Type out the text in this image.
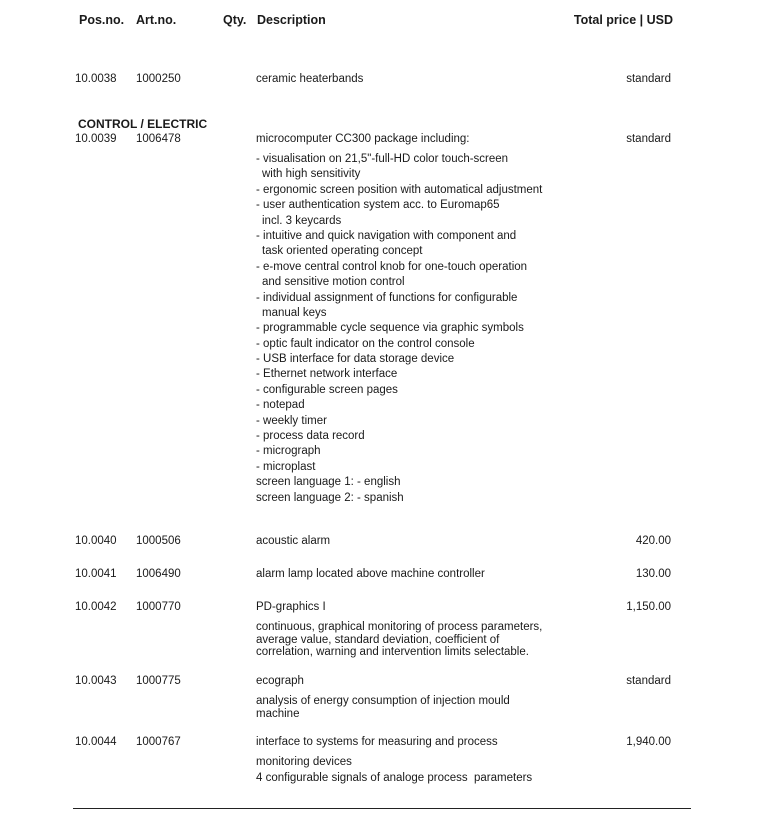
Pos.no. Art.no.	Qty. Description	Total price | USD
10.0038 1000250	ceramic heaterbands	standard
CONTROL / ELECTRIC
10.0039 1006478	microcomputer CC300 package including:	standard
- visualisation on 21,5"-full-HD color touch-screen
with high sensitivity
- ergonomic screen position with automatical adjustment
- user authentication system acc. to Euromap65
incl. 3 keycards
- intuitive and quick navigation with component and
task oriented operating concept
- e-move central control knob for one-touch operation
and sensitive motion control
- individual assignment of functions for configurable
manual keys
- programmable cycle sequence via graphic symbols
- optic fault indicator on the control console
- USB interface for data storage device
- Ethernet network interface
- configurable screen pages
- notepad
- weekly timer
- process data record
- micrograph
- microplast
screen language 1: - english
screen language 2: - spanish
10.0040 1000506	acoustic alarm	420.00
10.0041 1006490	alarm lamp located above machine controller	130.00
10.0042 1000770	PD-graphics I	1,150.00
continuous, graphical monitoring of process parameters,
average value, standard deviation, coefficient of
correlation, warning and intervention limits selectable.
10.0043 1000775	ecograph	standard
analysis of energy consumption of injection mould
machine
10.0044 1000767	interface to systems for measuring and process	1,940.00
monitoring devices
4 configurable signals of analoge process  parameters
